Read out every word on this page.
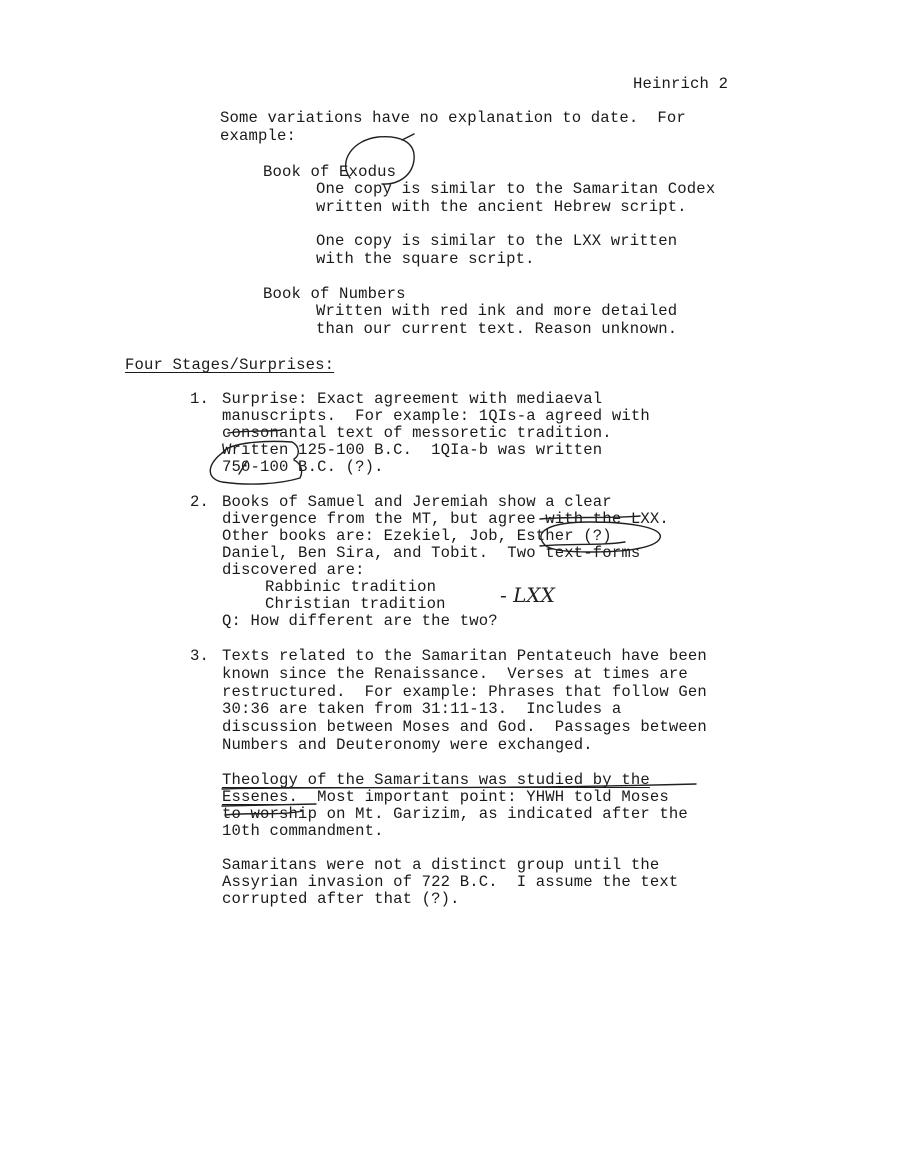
Heinrich 2
Some variations have no explanation to date.  For
example:
Book of Exodus
One copy is similar to the Samaritan Codex
written with the ancient Hebrew script.
One copy is similar to the LXX written
with the square script.
Book of Numbers
Written with red ink and more detailed
than our current text. Reason unknown.
Four Stages/Surprises:
1. Surprise: Exact agreement with mediaeval
manuscripts.  For example: 1QIs-a agreed with
consonantal text of messoretic tradition.
Written 125-100 B.C.  1QIa-b was written
750-100 B.C. (?).
2. Books of Samuel and Jeremiah show a clear
divergence from the MT, but agree with the LXX.
Other books are: Ezekiel, Job, Esther (?)
Daniel, Ben Sira, and Tobit.  Two text-forms
discovered are:
Rabbinic tradition
Christian tradition	- LXX
Q: How different are the two?
3. Texts related to the Samaritan Pentateuch have been
known since the Renaissance.  Verses at times are
restructured.  For example: Phrases that follow Gen
30:36 are taken from 31:11-13.  Includes a
discussion between Moses and God.  Passages between
Numbers and Deuteronomy were exchanged.
Theology of the Samaritans was studied by the
Essenes.  Most important point: YHWH told Moses
to worship on Mt. Garizim, as indicated after the
10th commandment.
Samaritans were not a distinct group until the
Assyrian invasion of 722 B.C.  I assume the text
corrupted after that (?).
